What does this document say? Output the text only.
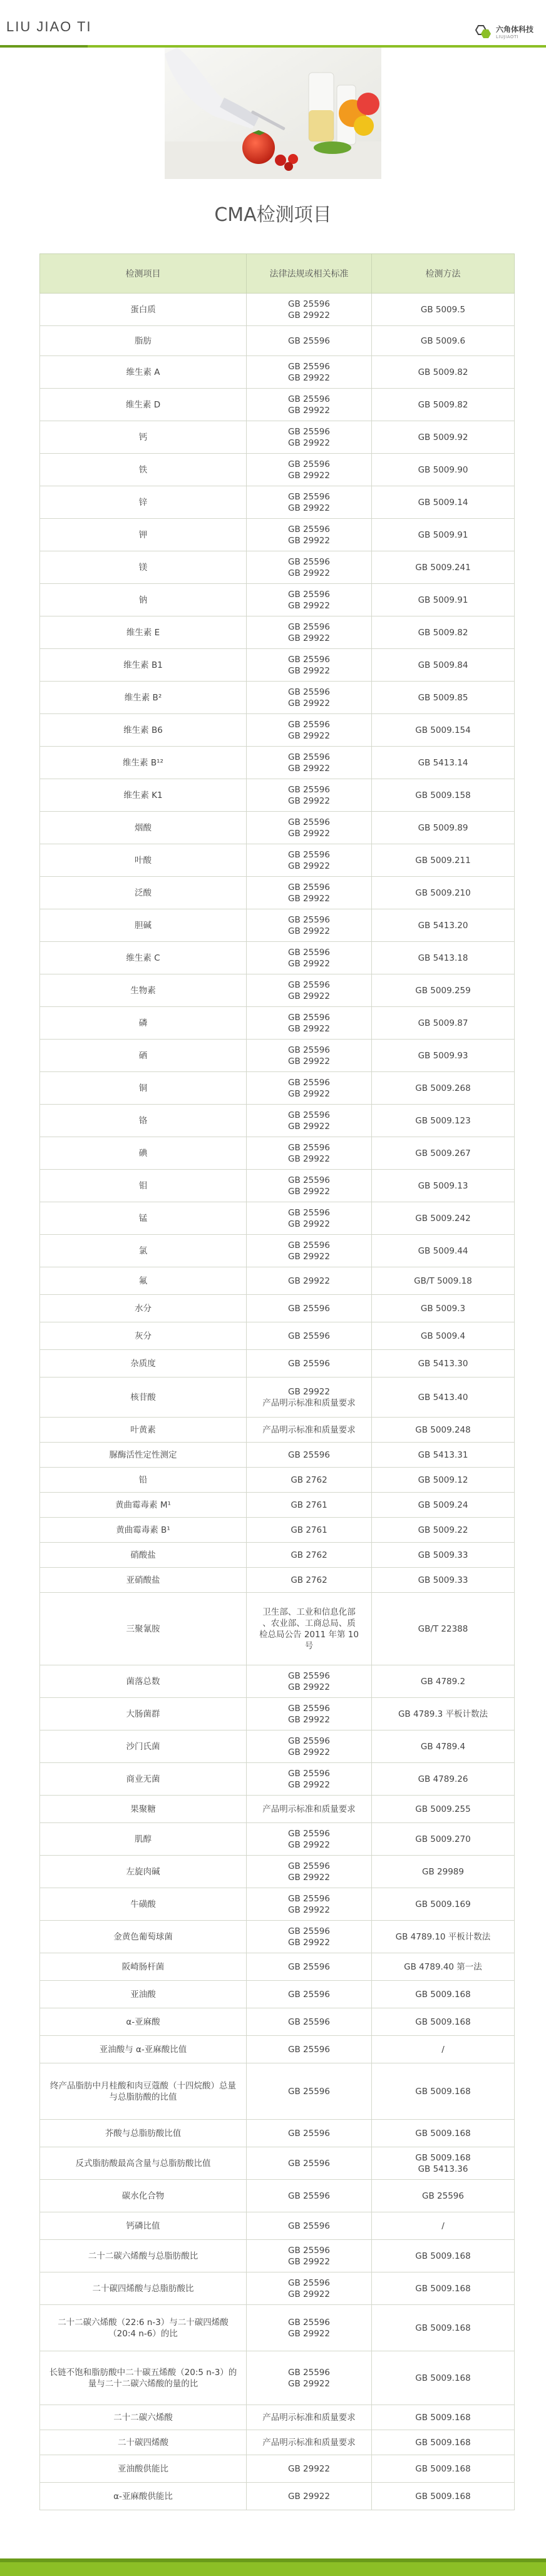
LIU JIAO TI	六角体科技
LIUJIAOTI
CMA检测项目
检测项目	法律法规或相关标准	检测方法
蛋白质	GB 25596
GB 29922	GB 5009.5

脂肪	GB 25596	GB 5009.6

维生素 A	GB 25596
GB 29922	GB 5009.82

维生素 D	GB 25596
GB 29922	GB 5009.82

钙	GB 25596
GB 29922	GB 5009.92

铁	GB 25596
GB 29922	GB 5009.90

锌	GB 25596
GB 29922	GB 5009.14

钾	GB 25596
GB 29922	GB 5009.91

镁	GB 25596
GB 29922	GB 5009.241

钠	GB 25596
GB 29922	GB 5009.91

维生素 E	GB 25596
GB 29922	GB 5009.82

维生素 B1	GB 25596
GB 29922	GB 5009.84

维生素 B²	GB 25596
GB 29922	GB 5009.85

维生素 B6	GB 25596
GB 29922	GB 5009.154

维生素 B¹²	GB 25596
GB 29922	GB 5413.14

维生素 K1	GB 25596
GB 29922	GB 5009.158

烟酸	GB 25596
GB 29922	GB 5009.89

叶酸	GB 25596
GB 29922	GB 5009.211

泛酸	GB 25596
GB 29922	GB 5009.210

胆碱	GB 25596
GB 29922	GB 5413.20

维生素 C	GB 25596
GB 29922	GB 5413.18

生物素	GB 25596
GB 29922	GB 5009.259

磷	GB 25596
GB 29922	GB 5009.87

硒	GB 25596
GB 29922	GB 5009.93

铜	GB 25596
GB 29922	GB 5009.268

铬	GB 25596
GB 29922	GB 5009.123

碘	GB 25596
GB 29922	GB 5009.267

钼	GB 25596
GB 29922	GB 5009.13

锰	GB 25596
GB 29922	GB 5009.242

氯	GB 25596
GB 29922	GB 5009.44

氟	GB 29922	GB/T 5009.18

水分	GB 25596	GB 5009.3

灰分	GB 25596	GB 5009.4

杂质度	GB 25596	GB 5413.30

核苷酸	GB 29922
产品明示标准和质量要求	GB 5413.40

叶黄素	产品明示标准和质量要求	GB 5009.248

脲酶活性定性测定	GB 25596	GB 5413.31

铅	GB 2762	GB 5009.12

黄曲霉毒素 M¹	GB 2761	GB 5009.24

黄曲霉毒素 B¹	GB 2761	GB 5009.22

硝酸盐	GB 2762	GB 5009.33

亚硝酸盐	GB 2762	GB 5009.33

三聚氰胺	卫生部、工业和信息化部
、农业部、工商总局、质
检总局公告 2011 年第 10
号	GB/T 22388

菌落总数	GB 25596
GB 29922	GB 4789.2

大肠菌群	GB 25596
GB 29922	GB 4789.3 平板计数法

沙门氏菌	GB 25596
GB 29922	GB 4789.4

商业无菌	GB 25596
GB 29922	GB 4789.26

果聚糖	产品明示标准和质量要求	GB 5009.255

肌醇	GB 25596
GB 29922	GB 5009.270

左旋肉碱	GB 25596
GB 29922	GB 29989

牛磺酸	GB 25596
GB 29922	GB 5009.169

金黄色葡萄球菌	GB 25596
GB 29922	GB 4789.10 平板计数法

阪崎肠杆菌	GB 25596	GB 4789.40 第一法

亚油酸	GB 25596	GB 5009.168

α-亚麻酸	GB 25596	GB 5009.168

亚油酸与 α-亚麻酸比值	GB 25596	/

终产品脂肪中月桂酸和肉豆蔻酸（十四烷酸）总量与总脂肪酸的比值	GB 25596	GB 5009.168

芥酸与总脂肪酸比值	GB 25596	GB 5009.168

反式脂肪酸最高含量与总脂肪酸比值	GB 25596	GB 5009.168
GB 5413.36

碳水化合物	GB 25596	GB 25596

钙磷比值	GB 25596	/

二十二碳六烯酸与总脂肪酸比	GB 25596
GB 29922	GB 5009.168

二十碳四烯酸与总脂肪酸比	GB 25596
GB 29922	GB 5009.168

二十二碳六烯酸（22:6 n-3）与二十碳四烯酸（20:4 n-6）的比	GB 25596
GB 29922	GB 5009.168

长链不饱和脂肪酸中二十碳五烯酸（20:5 n-3）的量与二十二碳六烯酸的量的比	GB 25596
GB 29922	GB 5009.168

二十二碳六烯酸	产品明示标准和质量要求	GB 5009.168

二十碳四烯酸	产品明示标准和质量要求	GB 5009.168

亚油酸供能比	GB 29922	GB 5009.168

α-亚麻酸供能比	GB 29922	GB 5009.168
